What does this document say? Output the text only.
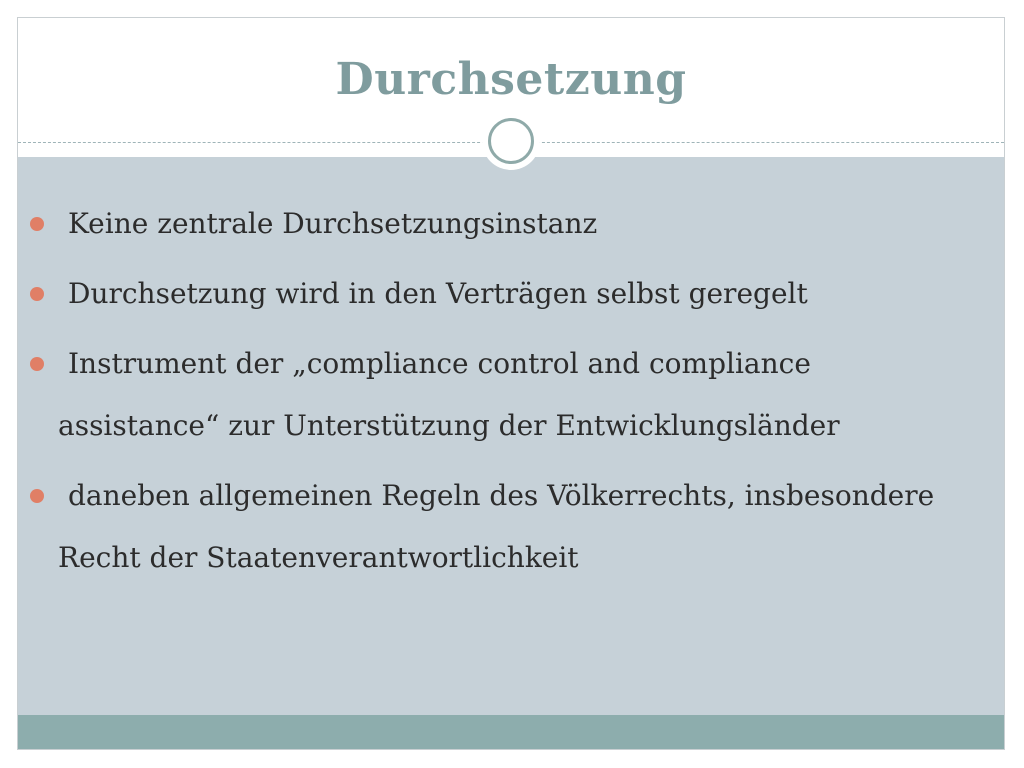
Durchsetzung
Keine zentrale Durchsetzungsinstanz
Durchsetzung wird in den Verträgen selbst geregelt
Instrument der „compliance control and compliance assistance“ zur Unterstützung der Entwicklungsländer
daneben allgemeinen Regeln des Völkerrechts, insbesondere Recht der Staatenverantwortlichkeit
